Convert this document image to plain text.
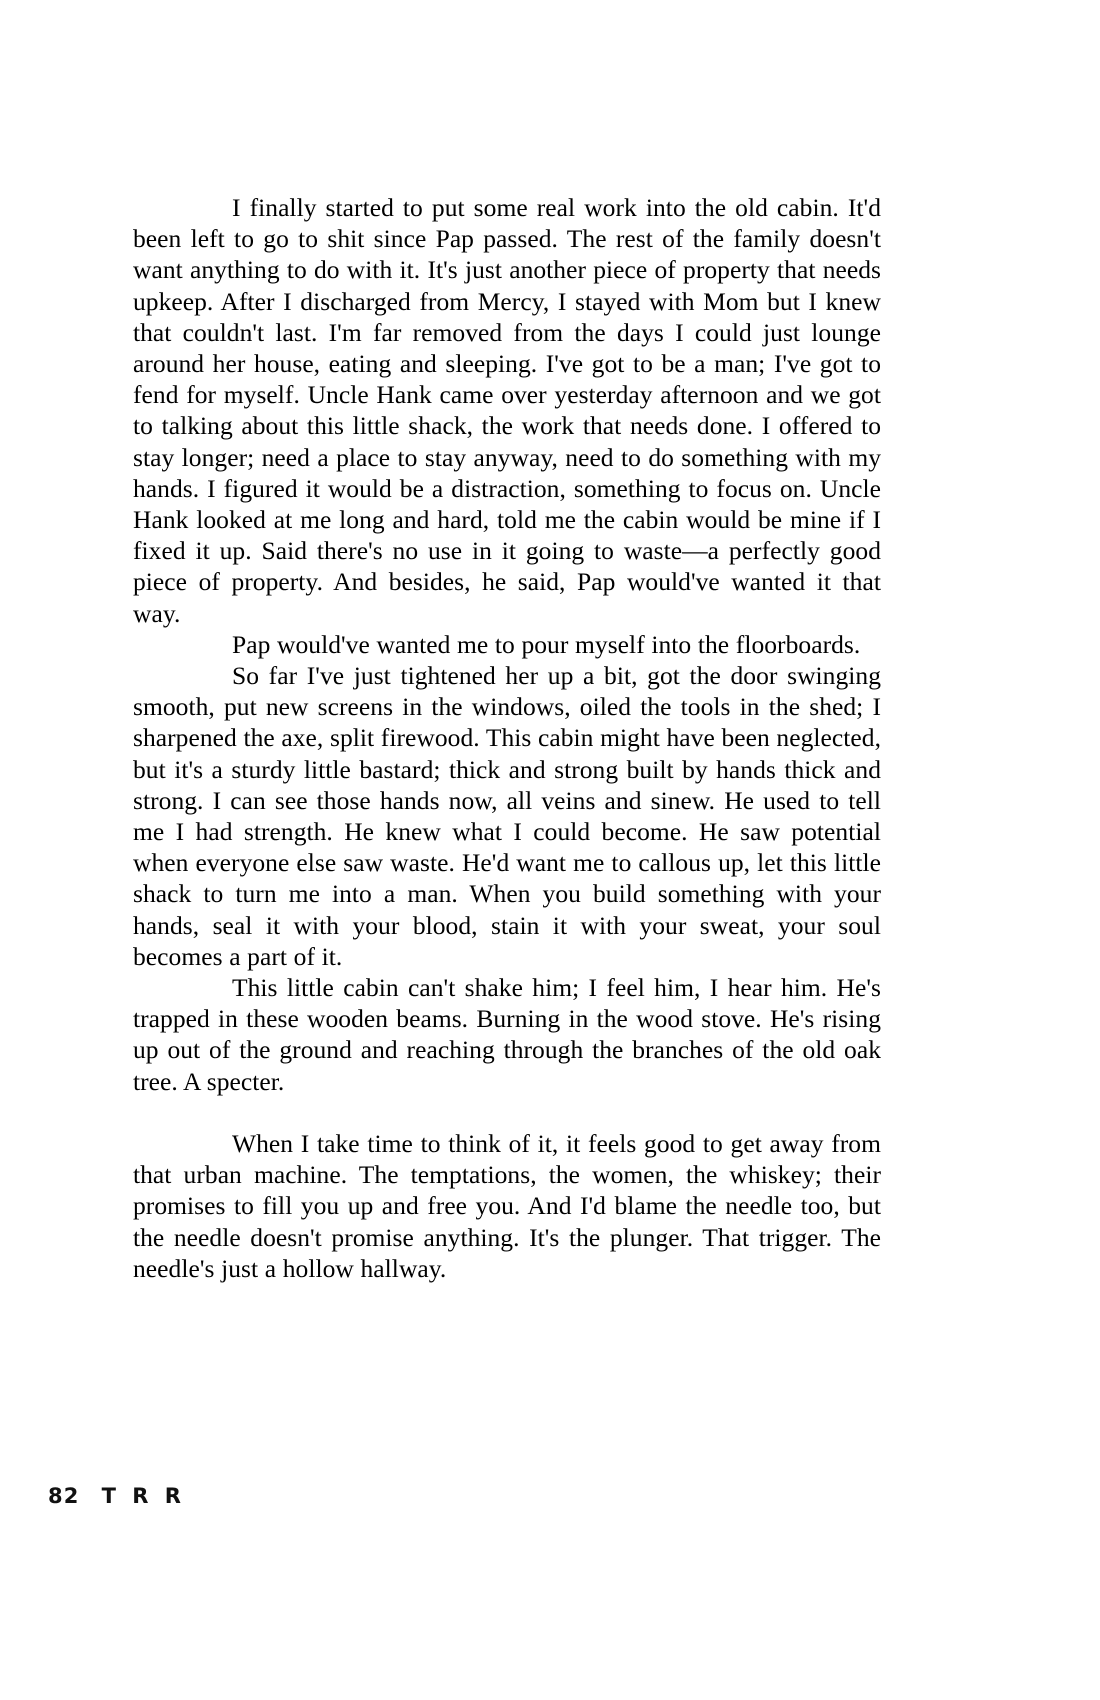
I finally started to put some real work into the old cabin. It'd been left to go to shit since Pap passed. The rest of the family doesn't want anything to do with it. It's just another piece of property that needs upkeep. After I discharged from Mercy, I stayed with Mom but I knew that couldn't last. I'm far removed from the days I could just lounge around her house, eating and sleeping. I've got to be a man; I've got to fend for myself. Uncle Hank came over yesterday afternoon and we got to talking about this little shack, the work that needs done. I offered to stay longer; need a place to stay anyway, need to do something with my hands. I figured it would be a distraction, something to focus on. Uncle Hank looked at me long and hard, told me the cabin would be mine if I fixed it up. Said there's no use in it going to waste—a perfectly good piece of property. And besides, he said, Pap would've wanted it that way.

Pap would've wanted me to pour myself into the floorboards.

So far I've just tightened her up a bit, got the door swinging smooth, put new screens in the windows, oiled the tools in the shed; I sharpened the axe, split firewood. This cabin might have been neglected, but it's a sturdy little bastard; thick and strong built by hands thick and strong. I can see those hands now, all veins and sinew. He used to tell me I had strength. He knew what I could become. He saw potential when everyone else saw waste. He'd want me to callous up, let this little shack to turn me into a man. When you build something with your hands, seal it with your blood, stain it with your sweat, your soul becomes a part of it.

This little cabin can't shake him; I feel him, I hear him. He's trapped in these wooden beams. Burning in the wood stove. He's rising up out of the ground and reaching through the branches of the old oak tree. A specter.

When I take time to think of it, it feels good to get away from that urban machine. The temptations, the women, the whiskey; their promises to fill you up and free you. And I'd blame the needle too, but the needle doesn't promise anything. It's the plunger. That trigger. The needle's just a hollow hallway.

82 T R R
